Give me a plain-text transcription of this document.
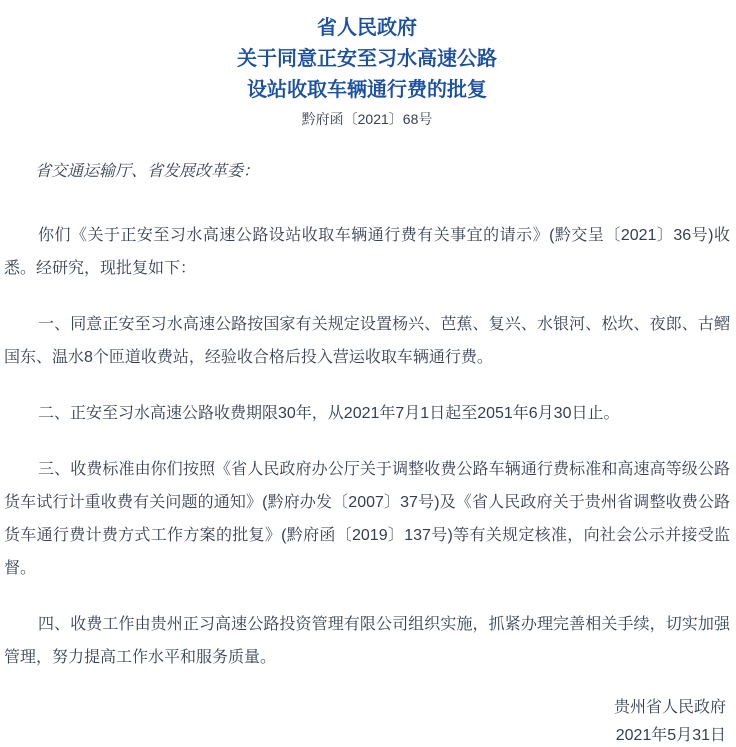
省人民政府
关于同意正安至习水高速公路
设站收取车辆通行费的批复
黔府函〔2021〕68号

省交通运输厅、省发展改革委：

你们《关于正安至习水高速公路设站收取车辆通行费有关事宜的请示》(黔交呈〔2021〕36号)收悉。经研究，现批复如下：

一、同意正安至习水高速公路按国家有关规定设置杨兴、芭蕉、复兴、水银河、松坎、夜郎、古鳛国东、温水8个匝道收费站，经验收合格后投入营运收取车辆通行费。

二、正安至习水高速公路收费期限30年，从2021年7月1日起至2051年6月30日止。

三、收费标准由你们按照《省人民政府办公厅关于调整收费公路车辆通行费标准和高速高等级公路货车试行计重收费有关问题的通知》(黔府办发〔2007〕37号)及《省人民政府关于贵州省调整收费公路货车通行费计费方式工作方案的批复》(黔府函〔2019〕137号)等有关规定核准，向社会公示并接受监督。

四、收费工作由贵州正习高速公路投资管理有限公司组织实施，抓紧办理完善相关手续，切实加强管理，努力提高工作水平和服务质量。

贵州省人民政府
2021年5月31日
